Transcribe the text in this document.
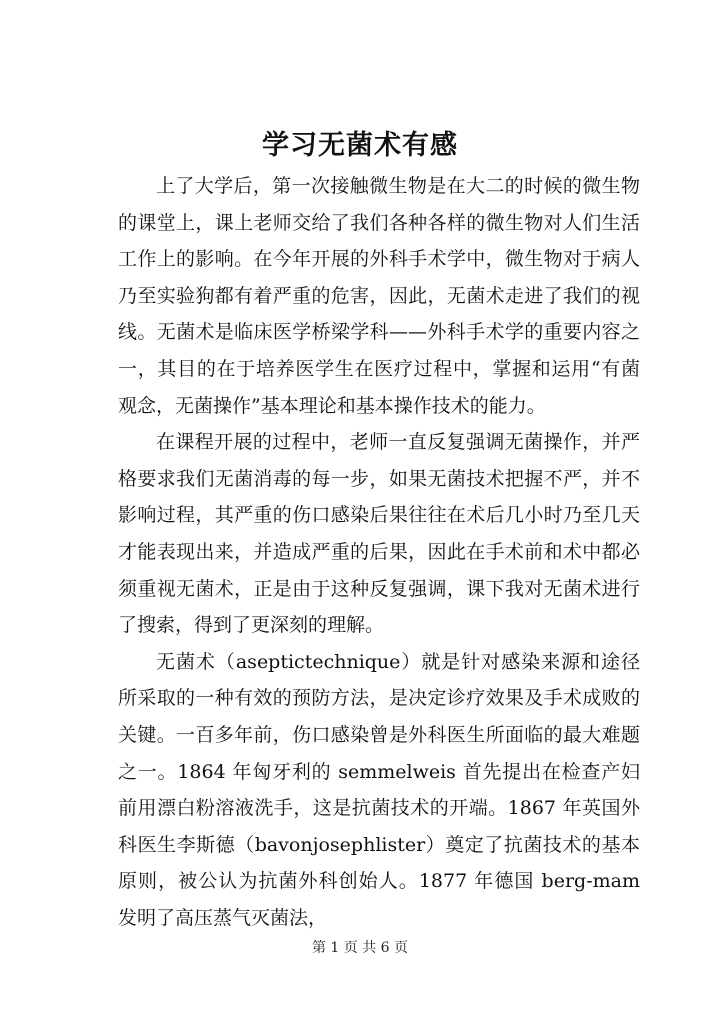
学习无菌术有感

上了大学后，第一次接触微生物是在大二的时候的微生物的课堂上，课上老师交给了我们各种各样的微生物对人们生活工作上的影响。在今年开展的外科手术学中，微生物对于病人乃至实验狗都有着严重的危害，因此，无菌术走进了我们的视线。无菌术是临床医学桥梁学科——外科手术学的重要内容之一，其目的在于培养医学生在医疗过程中，掌握和运用“有菌观念，无菌操作”基本理论和基本操作技术的能力。

在课程开展的过程中，老师一直反复强调无菌操作，并严格要求我们无菌消毒的每一步，如果无菌技术把握不严，并不影响过程，其严重的伤口感染后果往往在术后几小时乃至几天才能表现出来，并造成严重的后果，因此在手术前和术中都必须重视无菌术，正是由于这种反复强调，课下我对无菌术进行了搜索，得到了更深刻的理解。

无菌术（aseptictechnique）就是针对感染来源和途径所采取的一种有效的预防方法，是决定诊疗效果及手术成败的关键。一百多年前，伤口感染曾是外科医生所面临的最大难题之一。1864 年匈牙利的 semmelweis 首先提出在检查产妇前用漂白粉溶液洗手，这是抗菌技术的开端。1867 年英国外科医生李斯德（bavonjosephlister）奠定了抗菌技术的基本原则，被公认为抗菌外科创始人。1877 年德国 berg-mam 发明了高压蒸气灭菌法，

第 1 页 共 6 页
